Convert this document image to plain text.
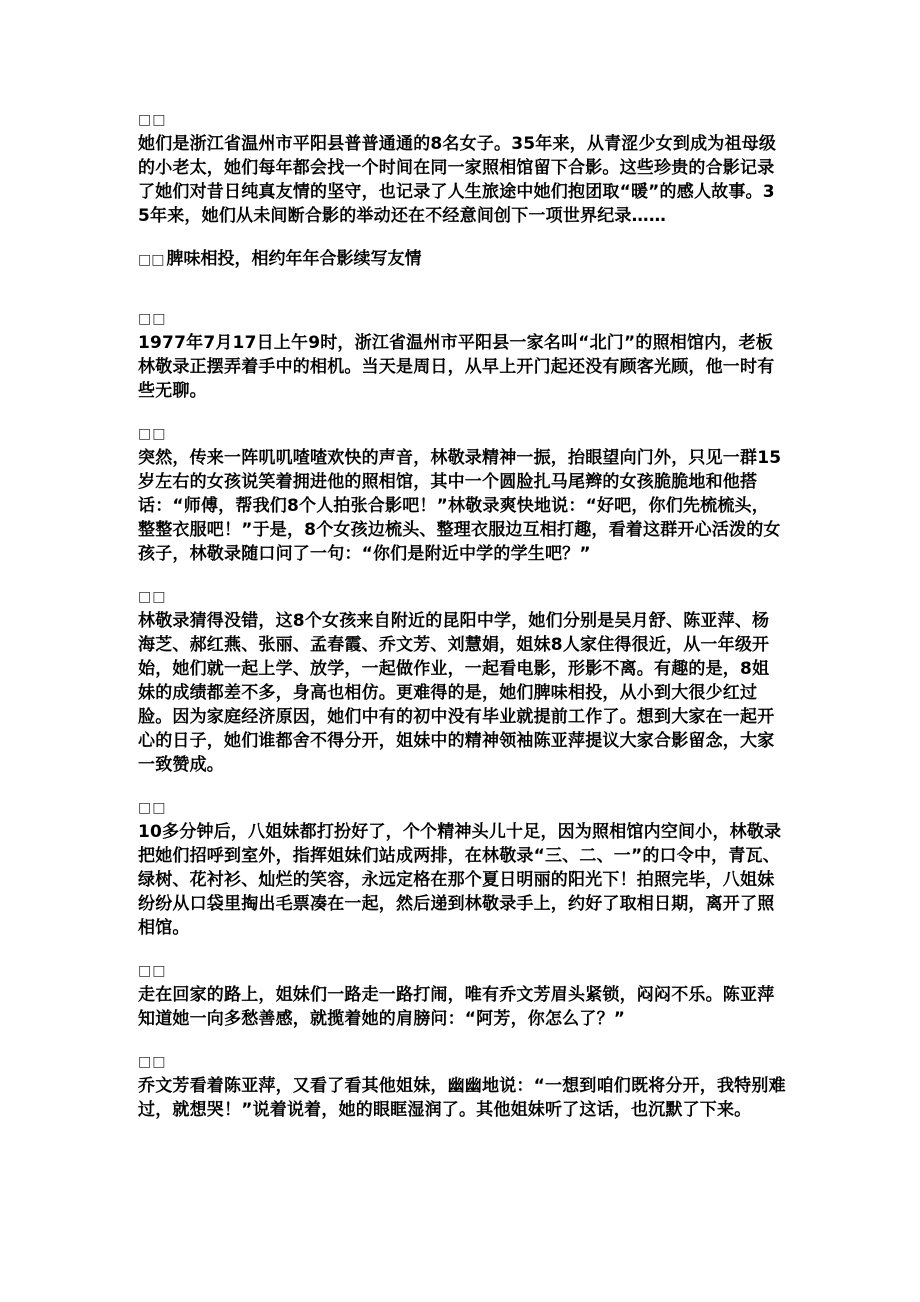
□□
她们是浙江省温州市平阳县普普通通的8名女子。35年来，从青涩少女到成为祖母级的小老太，她们每年都会找一个时间在同一家照相馆留下合影。这些珍贵的合影记录了她们对昔日纯真友情的坚守，也记录了人生旅途中她们抱团取“暖”的感人故事。35年来，她们从未间断合影的举动还在不经意间创下一项世界纪录……
□□ 脾味相投，相约年年合影续写友情
□□
1977年7月17日上午9时，浙江省温州市平阳县一家名叫“北门”的照相馆内，老板林敬录正摆弄着手中的相机。当天是周日，从早上开门起还没有顾客光顾，他一时有些无聊。
□□
突然，传来一阵叽叽喳喳欢快的声音，林敬录精神一振，抬眼望向门外，只见一群15岁左右的女孩说笑着拥进他的照相馆，其中一个圆脸扎马尾辫的女孩脆脆地和他搭话：“师傅，帮我们8个人拍张合影吧！”林敬录爽快地说：“好吧，你们先梳梳头，整整衣服吧！”于是，8个女孩边梳头、整理衣服边互相打趣，看着这群开心活泼的女孩子，林敬录随口问了一句：“你们是附近中学的学生吧？”
□□
林敬录猜得没错，这8个女孩来自附近的昆阳中学，她们分别是吴月舒、陈亚萍、杨海芝、郝红燕、张丽、孟春霞、乔文芳、刘慧娟，姐妹8人家住得很近，从一年级开始，她们就一起上学、放学，一起做作业，一起看电影，形影不离。有趣的是，8姐妹的成绩都差不多，身高也相仿。更难得的是，她们脾味相投，从小到大很少红过脸。因为家庭经济原因，她们中有的初中没有毕业就提前工作了。想到大家在一起开心的日子，她们谁都舍不得分开，姐妹中的精神领袖陈亚萍提议大家合影留念，大家一致赞成。
□□
10多分钟后，八姐妹都打扮好了，个个精神头儿十足，因为照相馆内空间小，林敬录把她们招呼到室外，指挥姐妹们站成两排，在林敬录“三、二、一”的口令中，青瓦、绿树、花衬衫、灿烂的笑容，永远定格在那个夏日明丽的阳光下！拍照完毕，八姐妹纷纷从口袋里掏出毛票凑在一起，然后递到林敬录手上，约好了取相日期，离开了照相馆。
□□
走在回家的路上，姐妹们一路走一路打闹，唯有乔文芳眉头紧锁，闷闷不乐。陈亚萍知道她一向多愁善感，就揽着她的肩膀问：“阿芳，你怎么了？”
□□
乔文芳看着陈亚萍，又看了看其他姐妹，幽幽地说：“一想到咱们既将分开，我特别难过，就想哭！”说着说着，她的眼眶湿润了。其他姐妹听了这话，也沉默了下来。
